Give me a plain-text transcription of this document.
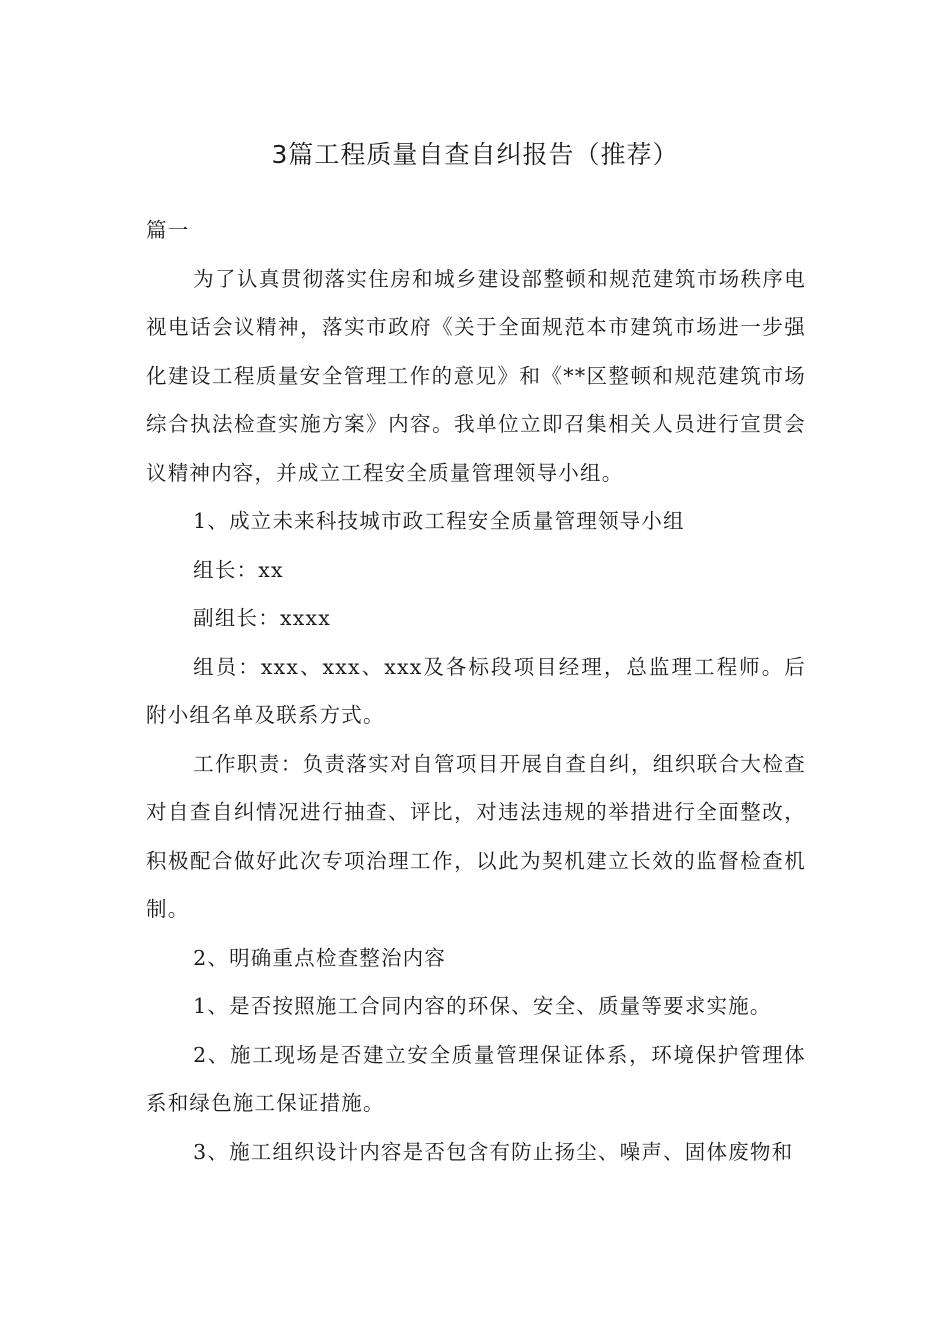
3篇工程质量自查自纠报告（推荐）

篇一

为了认真贯彻落实住房和城乡建设部整顿和规范建筑市场秩序电视电话会议精神，落实市政府《关于全面规范本市建筑市场进一步强化建设工程质量安全管理工作的意见》和《**区整顿和规范建筑市场综合执法检查实施方案》内容。我单位立即召集相关人员进行宣贯会议精神内容，并成立工程安全质量管理领导小组。

1、成立未来科技城市政工程安全质量管理领导小组

组长：xx

副组长：xxxx

组员：xxx、xxx、xxx及各标段项目经理，总监理工程师。后附小组名单及联系方式。

工作职责：负责落实对自管项目开展自查自纠，组织联合大检查对自查自纠情况进行抽查、评比，对违法违规的举措进行全面整改，积极配合做好此次专项治理工作，以此为契机建立长效的监督检查机制。

2、明确重点检查整治内容

1、是否按照施工合同内容的环保、安全、质量等要求实施。

2、施工现场是否建立安全质量管理保证体系，环境保护管理体系和绿色施工保证措施。

3、施工组织设计内容是否包含有防止扬尘、噪声、固体废物和
